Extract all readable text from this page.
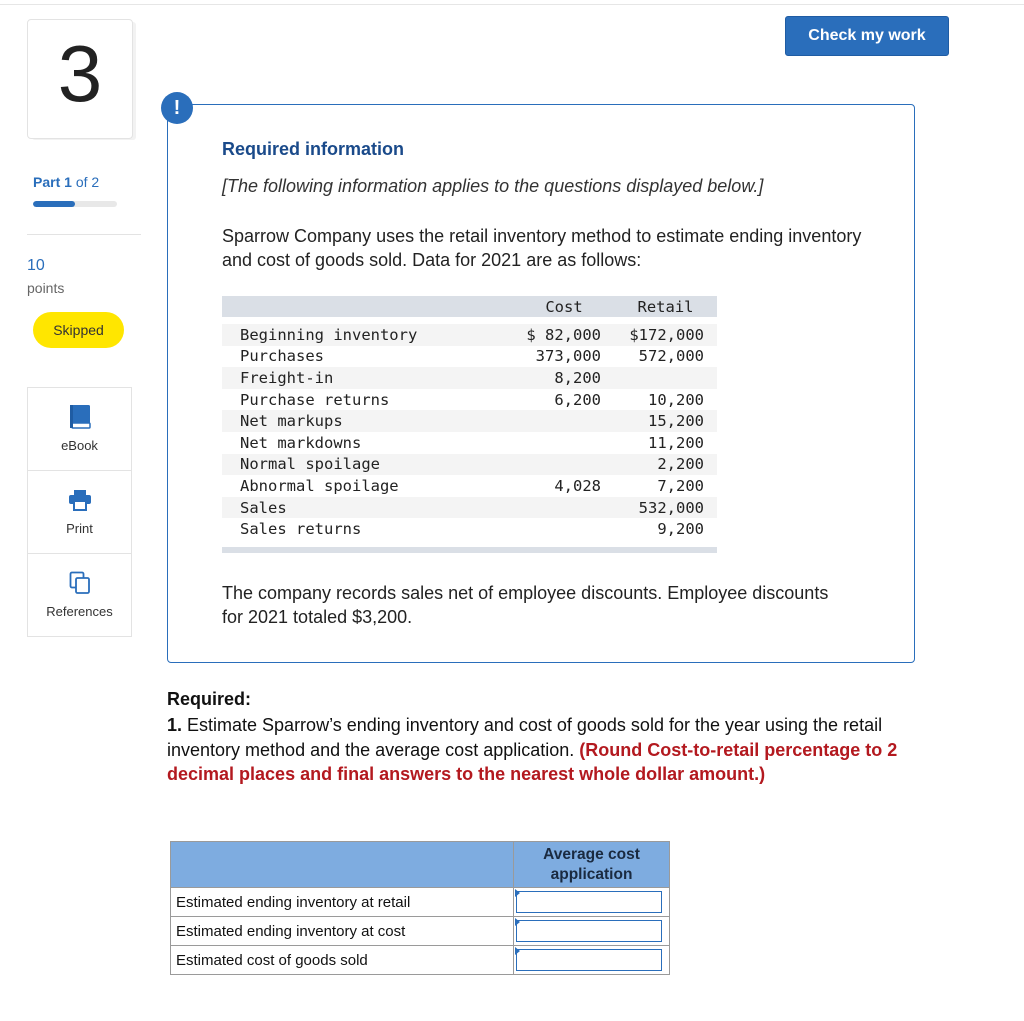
3
Part 1 of 2
10
points
Skipped
eBook
Print
References
Check my work
!
Required information
[The following information applies to the questions displayed below.]
Sparrow Company uses the retail inventory method to estimate ending inventory and cost of goods sold. Data for 2021 are as follows:
	Cost	Retail

Beginning inventory	$ 82,000	$172,000
Purchases	373,000	572,000
Freight-in	8,200	
Purchase returns	6,200	10,200
Net markups		15,200
Net markdowns		11,200
Normal spoilage		2,200
Abnormal spoilage	4,028	7,200
Sales		532,000
Sales returns		9,200

The company records sales net of employee discounts. Employee discounts for 2021 totaled $3,200.
Required:
1. Estimate Sparrow’s ending inventory and cost of goods sold for the year using the retail inventory method and the average cost application. (Round Cost-to-retail percentage to 2 decimal places and final answers to the nearest whole dollar amount.)
	Average cost application
Estimated ending inventory at retail	

Estimated ending inventory at cost	

Estimated cost of goods sold	
